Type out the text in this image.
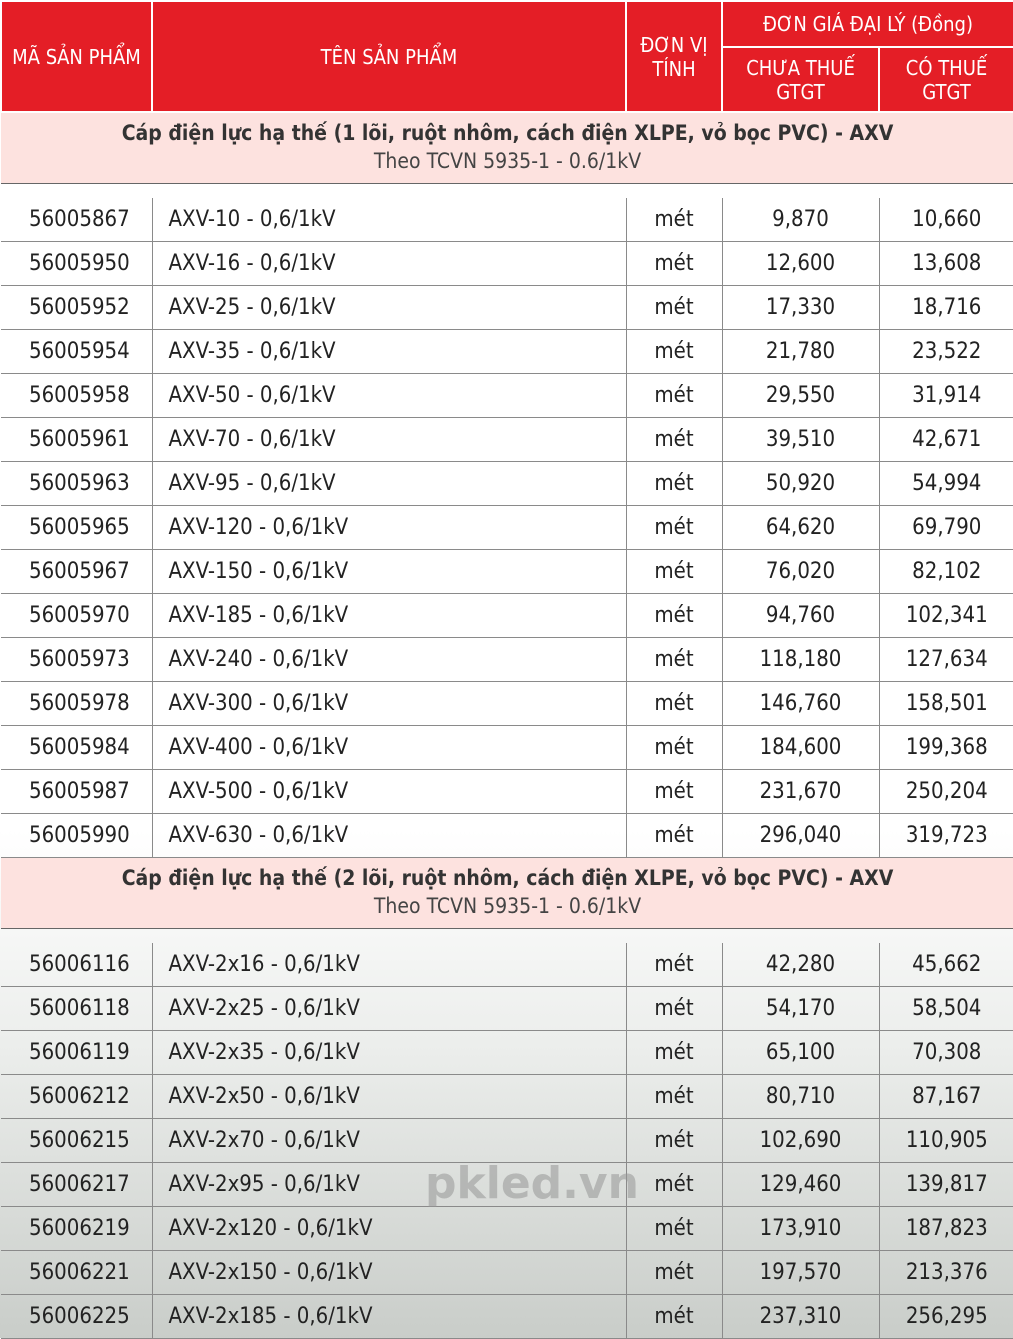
MÃ SẢN PHẨM	TÊN SẢN PHẨM	ĐƠN VỊ TÍNH	ĐƠN GIÁ ĐẠI LÝ (Đồng)	
			CHƯA THUẾ GTGT	CÓ THUẾ GTGT

Cáp điện lực hạ thế (1 lõi, ruột nhôm, cách điện XLPE, vỏ bọc PVC) - AXV
Theo TCVN 5935-1 - 0.6/1kV				

56005867	AXV-10 - 0,6/1kV	mét	9,870	10,660
56005950	AXV-16 - 0,6/1kV	mét	12,600	13,608
56005952	AXV-25 - 0,6/1kV	mét	17,330	18,716
56005954	AXV-35 - 0,6/1kV	mét	21,780	23,522
56005958	AXV-50 - 0,6/1kV	mét	29,550	31,914
56005961	AXV-70 - 0,6/1kV	mét	39,510	42,671
56005963	AXV-95 - 0,6/1kV	mét	50,920	54,994
56005965	AXV-120 - 0,6/1kV	mét	64,620	69,790
56005967	AXV-150 - 0,6/1kV	mét	76,020	82,102
56005970	AXV-185 - 0,6/1kV	mét	94,760	102,341
56005973	AXV-240 - 0,6/1kV	mét	118,180	127,634
56005978	AXV-300 - 0,6/1kV	mét	146,760	158,501
56005984	AXV-400 - 0,6/1kV	mét	184,600	199,368
56005987	AXV-500 - 0,6/1kV	mét	231,670	250,204
56005990	AXV-630 - 0,6/1kV	mét	296,040	319,723

Cáp điện lực hạ thế (2 lõi, ruột nhôm, cách điện XLPE, vỏ bọc PVC) - AXV
Theo TCVN 5935-1 - 0.6/1kV				

56006116	AXV-2x16 - 0,6/1kV	mét	42,280	45,662
56006118	AXV-2x25 - 0,6/1kV	mét	54,170	58,504
56006119	AXV-2x35 - 0,6/1kV	mét	65,100	70,308
56006212	AXV-2x50 - 0,6/1kV	mét	80,710	87,167
56006215	AXV-2x70 - 0,6/1kV	mét	102,690	110,905
56006217	AXV-2x95 - 0,6/1kV	mét	129,460	139,817
56006219	AXV-2x120 - 0,6/1kV	mét	173,910	187,823
56006221	AXV-2x150 - 0,6/1kV	mét	197,570	213,376
56006225	AXV-2x185 - 0,6/1kV	mét	237,310	256,295
pkled.vn
